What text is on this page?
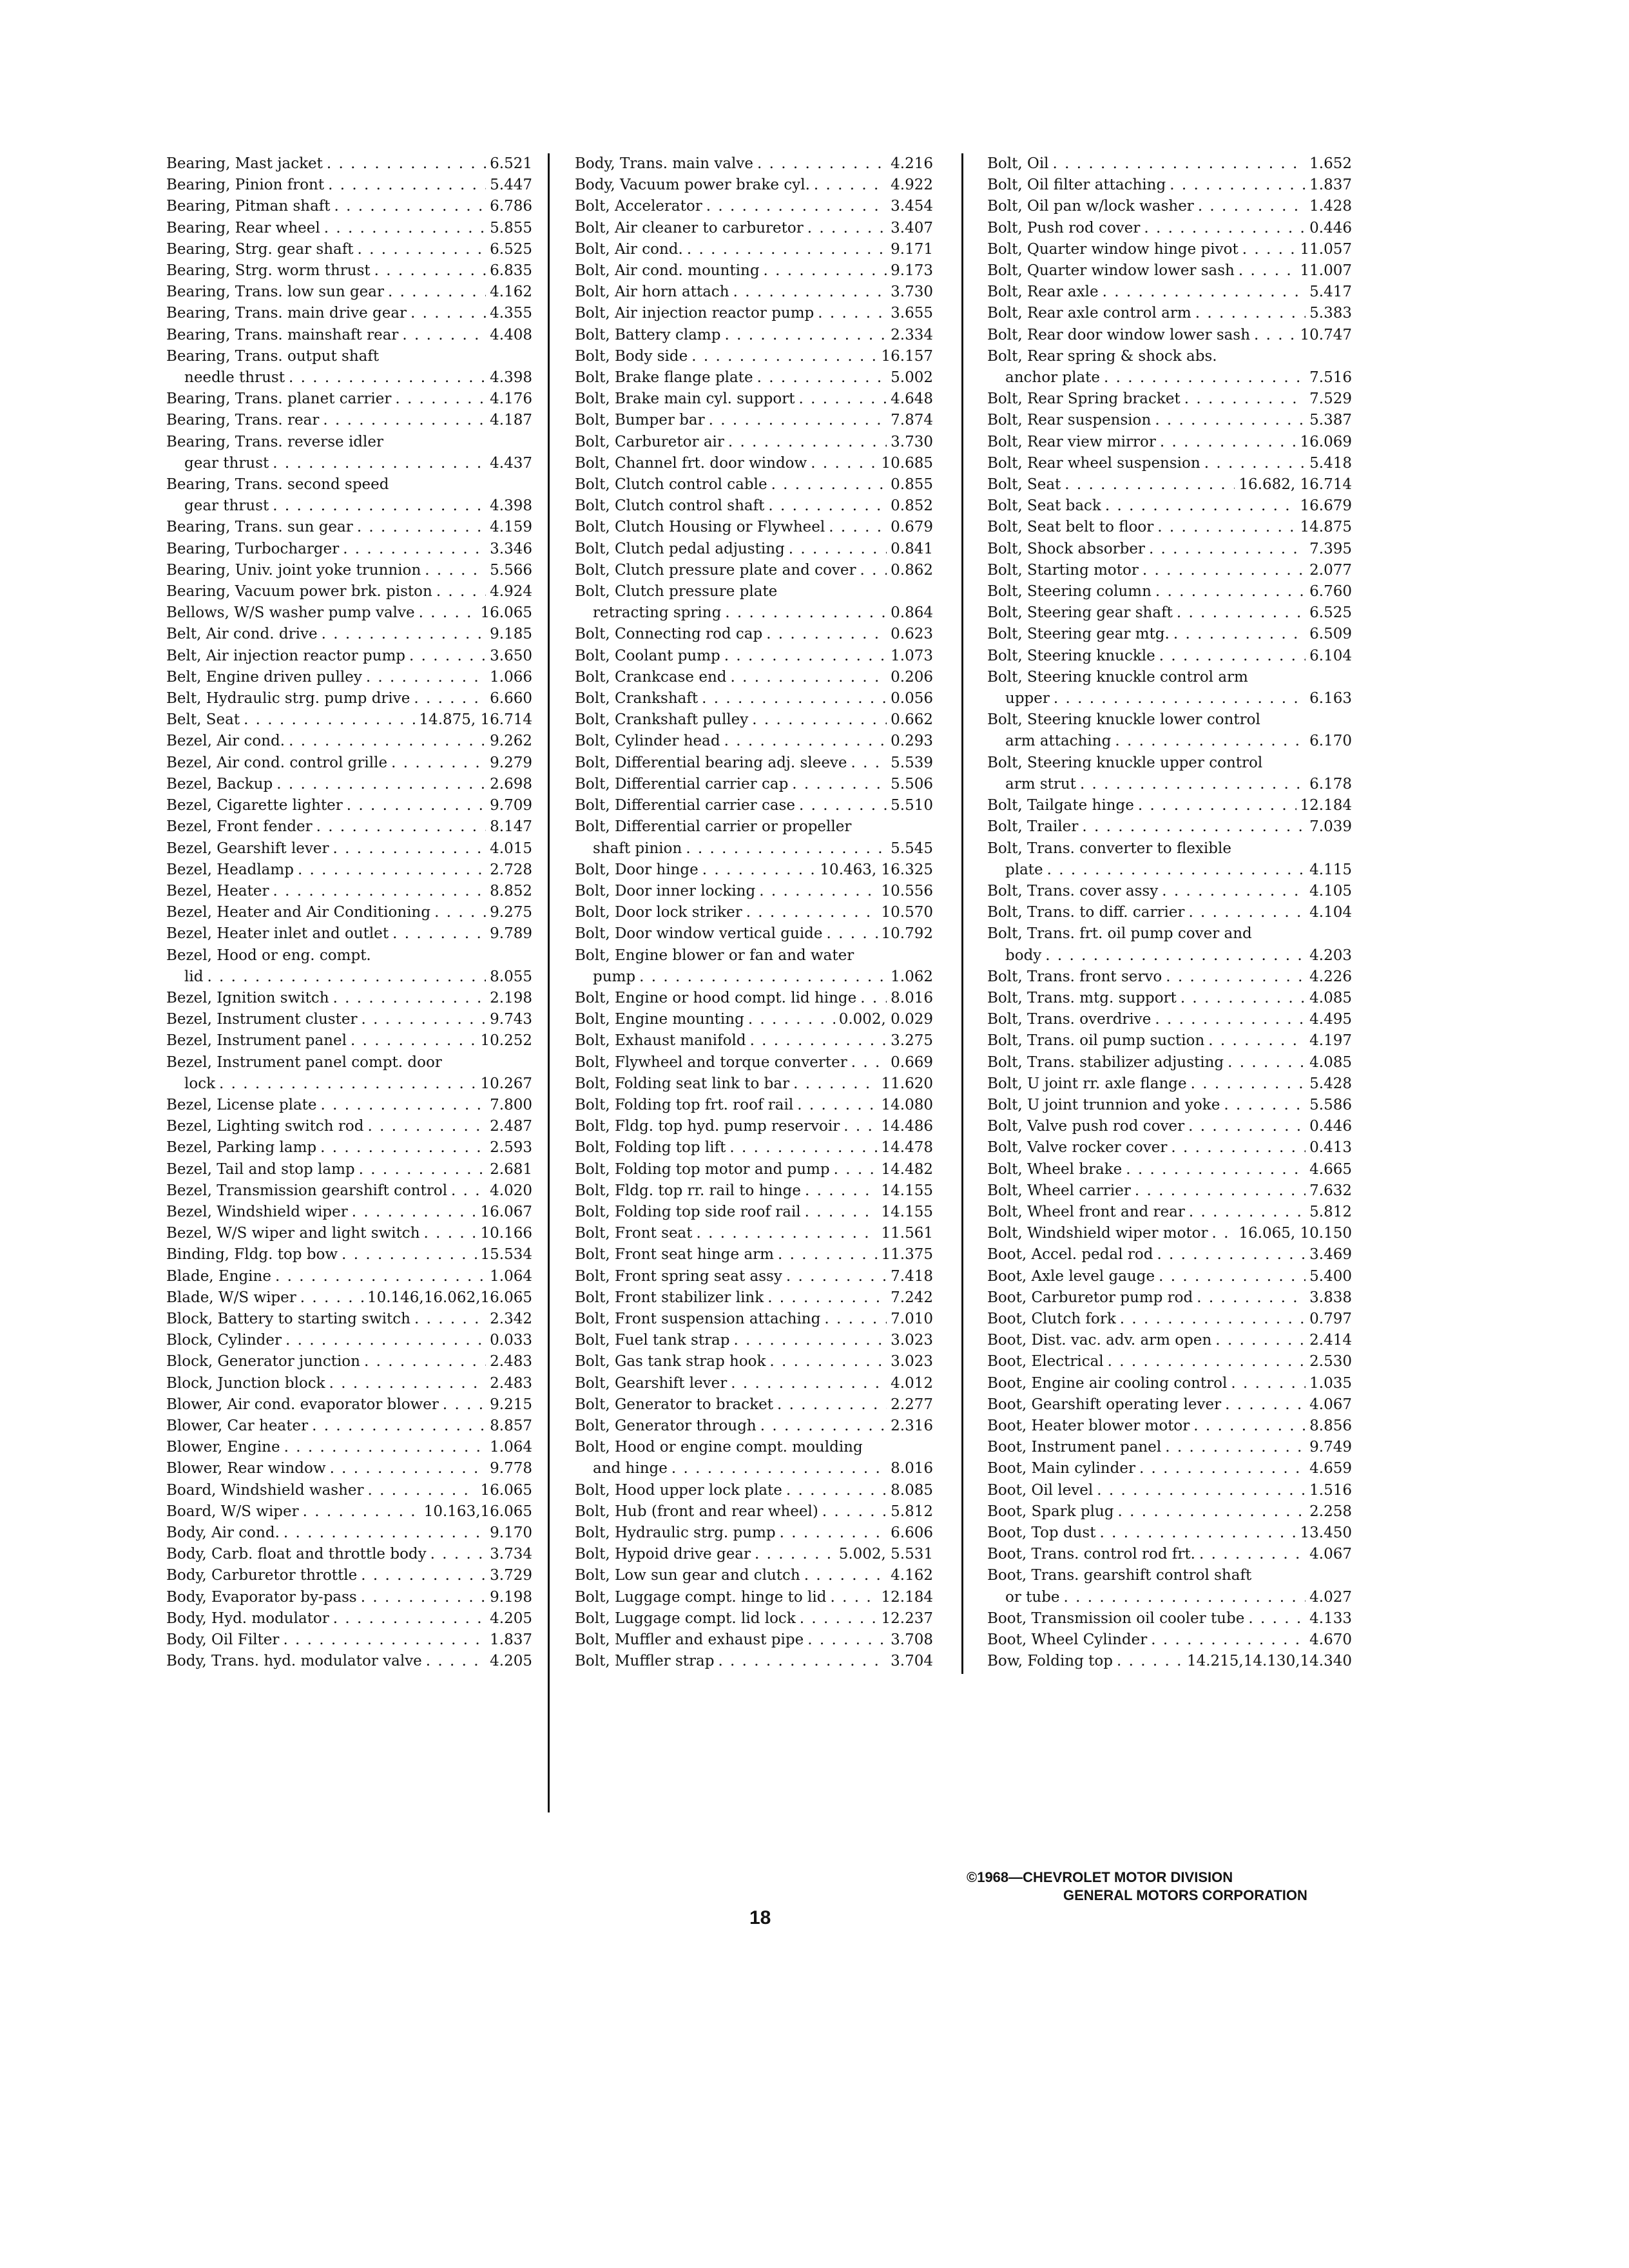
Bearing, Mast jacket . . .	6.521
Bearing, Pinion front . . .	5.447
Bearing, Pitman shaft . . .	6.786
Bearing, Rear wheel . . .	5.855
Bearing, Strg. gear shaft . . .	6.525
Bearing, Strg. worm thrust . . .	6.835
Bearing, Trans. low sun gear . . .	4.162
Bearing, Trans. main drive gear . . .	4.355
Bearing, Trans. mainshaft rear . . .	4.408
Bearing, Trans. output shaft
needle thrust . . .	4.398
Bearing, Trans. planet carrier . . .	4.176
Bearing, Trans. rear . . .	4.187
Bearing, Trans. reverse idler
gear thrust . . .	4.437
Bearing, Trans. second speed
gear thrust . . .	4.398
Bearing, Trans. sun gear . . .	4.159
Bearing, Turbocharger . . .	3.346
Bearing, Univ. joint yoke trunnion . . .	5.566
Bearing, Vacuum power brk. piston . . .	4.924
Bellows, W/S washer pump valve . . .	16.065
Belt, Air cond. drive . . .	9.185
Belt, Air injection reactor pump . . .	3.650
Belt, Engine driven pulley . . .	1.066
Belt, Hydraulic strg. pump drive . . .	6.660
Belt, Seat . . .	14.875, 16.714
Bezel, Air cond. . . .	9.262
Bezel, Air cond. control grille . . .	9.279
Bezel, Backup . . .	2.698
Bezel, Cigarette lighter . . .	9.709
Bezel, Front fender . . .	8.147
Bezel, Gearshift lever . . .	4.015
Bezel, Headlamp . . .	2.728
Bezel, Heater . . .	8.852
Bezel, Heater and Air Conditioning . . .	9.275
Bezel, Heater inlet and outlet . . .	9.789
Bezel, Hood or eng. compt.
lid . . .	8.055
Bezel, Ignition switch . . .	2.198
Bezel, Instrument cluster . . .	9.743
Bezel, Instrument panel . . .	10.252
Bezel, Instrument panel compt. door
lock . . .	10.267
Bezel, License plate . . .	7.800
Bezel, Lighting switch rod . . .	2.487
Bezel, Parking lamp . . .	2.593
Bezel, Tail and stop lamp . . .	2.681
Bezel, Transmission gearshift control . . .	4.020
Bezel, Windshield wiper . . .	16.067
Bezel, W/S wiper and light switch . . .	10.166
Binding, Fldg. top bow . . .	15.534
Blade, Engine . . .	1.064
Blade, W/S wiper . . .	10.146,16.062,16.065
Block, Battery to starting switch . . .	2.342
Block, Cylinder . . .	0.033
Block, Generator junction . . .	2.483
Block, Junction block . . .	2.483
Blower, Air cond. evaporator blower . . .	9.215
Blower, Car heater . . .	8.857
Blower, Engine . . .	1.064
Blower, Rear window . . .	9.778
Board, Windshield washer . . .	16.065
Board, W/S wiper . . .	10.163,16.065
Body, Air cond. . . .	9.170
Body, Carb. float and throttle body . . .	3.734
Body, Carburetor throttle . . .	3.729
Body, Evaporator by-pass . . .	9.198
Body, Hyd. modulator . . .	4.205
Body, Oil Filter . . .	1.837
Body, Trans. hyd. modulator valve . . .	4.205
Body, Trans. main valve . . .	4.216
Body, Vacuum power brake cyl. . . .	4.922
Bolt, Accelerator . . .	3.454
Bolt, Air cleaner to carburetor . . .	3.407
Bolt, Air cond. . . .	9.171
Bolt, Air cond. mounting . . .	9.173
Bolt, Air horn attach . . .	3.730
Bolt, Air injection reactor pump . . .	3.655
Bolt, Battery clamp . . .	2.334
Bolt, Body side . . .	16.157
Bolt, Brake flange plate . . .	5.002
Bolt, Brake main cyl. support . . .	4.648
Bolt, Bumper bar . . .	7.874
Bolt, Carburetor air . . .	3.730
Bolt, Channel frt. door window . . .	10.685
Bolt, Clutch control cable . . .	0.855
Bolt, Clutch control shaft . . .	0.852
Bolt, Clutch Housing or Flywheel . . .	0.679
Bolt, Clutch pedal adjusting . . .	0.841
Bolt, Clutch pressure plate and cover . . . 0.862
Bolt, Clutch pressure plate
retracting spring . . .	0.864
Bolt, Connecting rod cap . . .	0.623
Bolt, Coolant pump . . .	1.073
Bolt, Crankcase end . . .	0.206
Bolt, Crankshaft . . .	0.056
Bolt, Crankshaft pulley . . .	0.662
Bolt, Cylinder head . . .	0.293
Bolt, Differential bearing adj. sleeve . . .	5.539
Bolt, Differential carrier cap . . .	5.506
Bolt, Differential carrier case . . .	5.510
Bolt, Differential carrier or propeller
shaft pinion . . .	5.545
Bolt, Door hinge . . .	10.463, 16.325
Bolt, Door inner locking . . .	10.556
Bolt, Door lock striker . . .	10.570
Bolt, Door window vertical guide . . .	10.792
Bolt, Engine blower or fan and water
pump . . .	1.062
Bolt, Engine or hood compt. lid hinge . . . 8.016
Bolt, Engine mounting . . .	0.002, 0.029
Bolt, Exhaust manifold . . .	3.275
Bolt, Flywheel and torque converter . . .	0.669
Bolt, Folding seat link to bar . . .	11.620
Bolt, Folding top frt. roof rail . . .	14.080
Bolt, Fldg. top hyd. pump reservoir . . .	14.486
Bolt, Folding top lift . . .	14.478
Bolt, Folding top motor and pump . . .	14.482
Bolt, Fldg. top rr. rail to hinge . . .	14.155
Bolt, Folding top side roof rail . . .	14.155
Bolt, Front seat . . .	11.561
Bolt, Front seat hinge arm . . .	11.375
Bolt, Front spring seat assy . . .	7.418
Bolt, Front stabilizer link . . .	7.242
Bolt, Front suspension attaching . . .	7.010
Bolt, Fuel tank strap . . .	3.023
Bolt, Gas tank strap hook . . .	3.023
Bolt, Gearshift lever . . .	4.012
Bolt, Generator to bracket . . .	2.277
Bolt, Generator through . . .	2.316
Bolt, Hood or engine compt. moulding
and hinge . . .	8.016
Bolt, Hood upper lock plate . . .	8.085
Bolt, Hub (front and rear wheel) . . .	5.812
Bolt, Hydraulic strg. pump . . .	6.606
Bolt, Hypoid drive gear . . .	5.002, 5.531
Bolt, Low sun gear and clutch . . .	4.162
Bolt, Luggage compt. hinge to lid . . .	12.184
Bolt, Luggage compt. lid lock . . .	12.237
Bolt, Muffler and exhaust pipe . . .	3.708
Bolt, Muffler strap . . .	3.704
Bolt, Oil . . .	1.652
Bolt, Oil filter attaching . . .	1.837
Bolt, Oil pan w/lock washer . . .	1.428
Bolt, Push rod cover . . .	0.446
Bolt, Quarter window hinge pivot . . .	11.057
Bolt, Quarter window lower sash . . .	11.007
Bolt, Rear axle . . .	5.417
Bolt, Rear axle control arm . . .	5.383
Bolt, Rear door window lower sash . . .	10.747
Bolt, Rear spring & shock abs.
anchor plate . . .	7.516
Bolt, Rear Spring bracket . . .	7.529
Bolt, Rear suspension . . .	5.387
Bolt, Rear view mirror . . .	16.069
Bolt, Rear wheel suspension . . .	5.418
Bolt, Seat . . .	16.682, 16.714
Bolt, Seat back . . .	16.679
Bolt, Seat belt to floor . . .	14.875
Bolt, Shock absorber . . .	7.395
Bolt, Starting motor . . .	2.077
Bolt, Steering column . . .	6.760
Bolt, Steering gear shaft . . .	6.525
Bolt, Steering gear mtg. . . .	6.509
Bolt, Steering knuckle . . .	6.104
Bolt, Steering knuckle control arm
upper . . .	6.163
Bolt, Steering knuckle lower control
arm attaching . . .	6.170
Bolt, Steering knuckle upper control
arm strut . . .	6.178
Bolt, Tailgate hinge . . .	12.184
Bolt, Trailer . . .	7.039
Bolt, Trans. converter to flexible
plate . . .	4.115
Bolt, Trans. cover assy . . .	4.105
Bolt, Trans. to diff. carrier . . .	4.104
Bolt, Trans. frt. oil pump cover and
body . . .	4.203
Bolt, Trans. front servo . . .	4.226
Bolt, Trans. mtg. support . . .	4.085
Bolt, Trans. overdrive . . .	4.495
Bolt, Trans. oil pump suction . . .	4.197
Bolt, Trans. stabilizer adjusting . . .	4.085
Bolt, U joint rr. axle flange . . .	5.428
Bolt, U joint trunnion and yoke . . .	5.586
Bolt, Valve push rod cover . . .	0.446
Bolt, Valve rocker cover . . .	0.413
Bolt, Wheel brake . . .	4.665
Bolt, Wheel carrier . . .	7.632
Bolt, Wheel front and rear . . .	5.812
Bolt, Windshield wiper motor . . . 16.065, 10.150
Boot, Accel. pedal rod . . .	3.469
Boot, Axle level gauge . . .	5.400
Boot, Carburetor pump rod . . .	3.838
Boot, Clutch fork . . .	0.797
Boot, Dist. vac. adv. arm open . . .	2.414
Boot, Electrical . . .	2.530
Boot, Engine air cooling control . . .	1.035
Boot, Gearshift operating lever . . .	4.067
Boot, Heater blower motor . . .	8.856
Boot, Instrument panel . . .	9.749
Boot, Main cylinder . . .	4.659
Boot, Oil level . . .	1.516
Boot, Spark plug . . .	2.258
Boot, Top dust . . .	13.450
Boot, Trans. control rod frt. . . .	4.067
Boot, Trans. gearshift control shaft
or tube . . .	4.027
Boot, Transmission oil cooler tube . . .	4.133
Boot, Wheel Cylinder . . .	4.670
Bow, Folding top . . .	14.215,14.130,14.340
©1968—CHEVROLET MOTOR DIVISION
GENERAL MOTORS CORPORATION
18
